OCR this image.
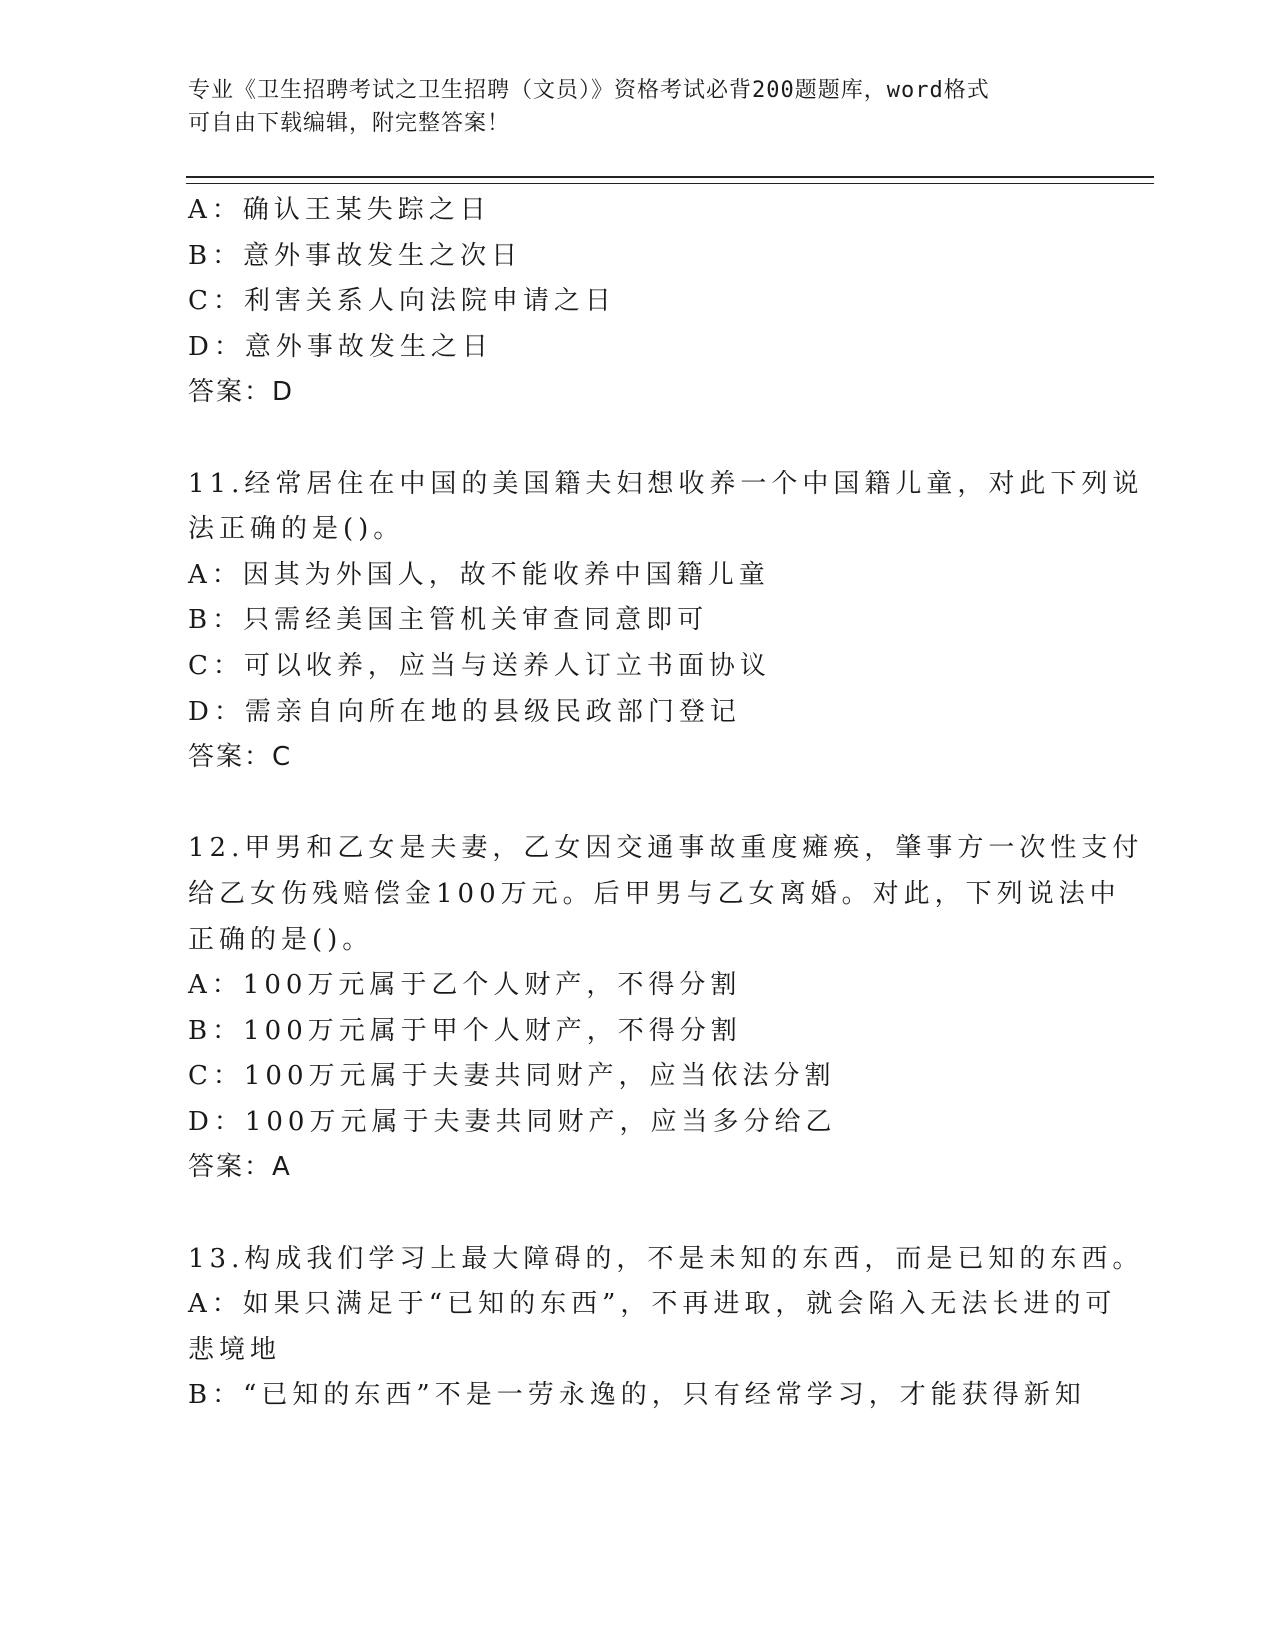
专业《卫生招聘考试之卫生招聘（文员）》资格考试必背200题题库，word格式
可自由下载编辑，附完整答案！
A：确认王某失踪之日
B：意外事故发生之次日
C：利害关系人向法院申请之日
D：意外事故发生之日
答案：D
11.经常居住在中国的美国籍夫妇想收养一个中国籍儿童，对此下列说
法正确的是()。
A：因其为外国人，故不能收养中国籍儿童
B：只需经美国主管机关审查同意即可
C：可以收养，应当与送养人订立书面协议
D：需亲自向所在地的县级民政部门登记
答案：C
12.甲男和乙女是夫妻，乙女因交通事故重度瘫痪，肇事方一次性支付
给乙女伤残赔偿金100万元。后甲男与乙女离婚。对此，下列说法中
正确的是()。
A：100万元属于乙个人财产，不得分割
B：100万元属于甲个人财产，不得分割
C：100万元属于夫妻共同财产，应当依法分割
D：100万元属于夫妻共同财产，应当多分给乙
答案：A
13.构成我们学习上最大障碍的，不是未知的东西，而是已知的东西。
A：如果只满足于“已知的东西”，不再进取，就会陷入无法长进的可
悲境地
B：“已知的东西”不是一劳永逸的，只有经常学习，才能获得新知
